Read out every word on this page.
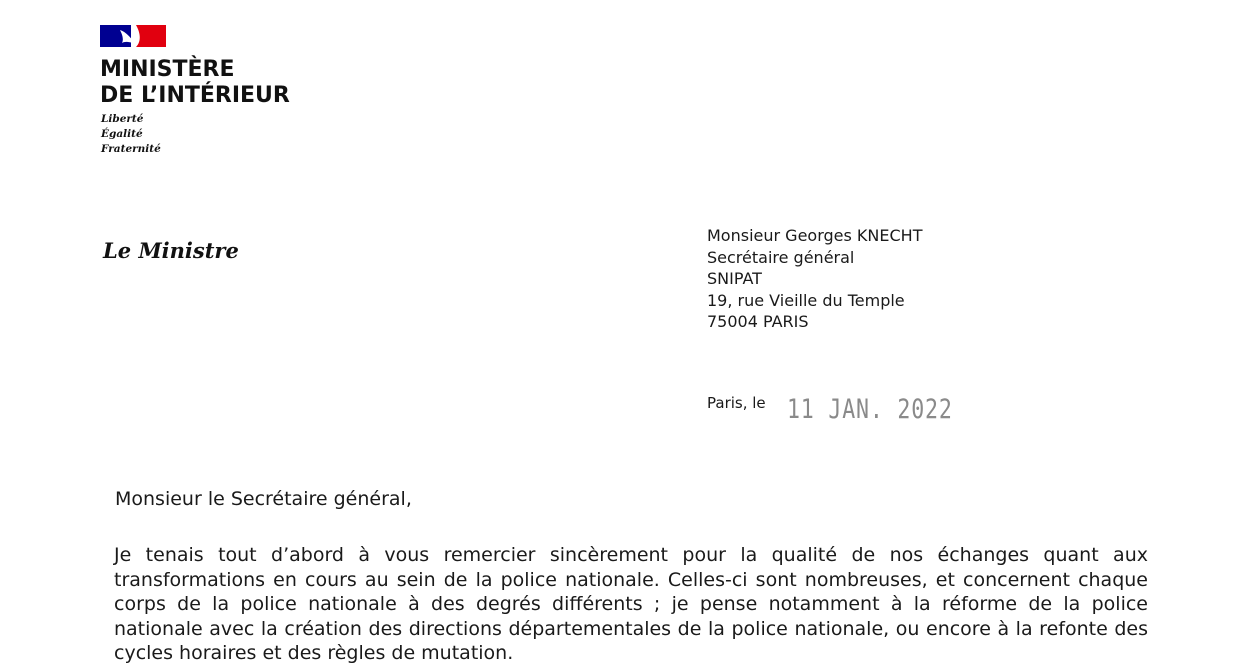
MINISTÈRE
DE L’INTÉRIEUR
Liberté
Égalité
Fraternité
Le Ministre
Monsieur Georges KNECHT
Secrétaire général
SNIPAT
19, rue Vieille du Temple
75004 PARIS
Paris, le 11 JAN. 2022
Monsieur le Secrétaire général,
Je tenais tout d’abord à vous remercier sincèrement pour la qualité de nos échanges quant aux transformations en cours au sein de la police nationale. Celles-ci sont nombreuses, et concernent chaque corps de la police nationale à des degrés différents ; je pense notamment à la réforme de la police nationale avec la création des directions départementales de la police nationale, ou encore à la refonte des cycles horaires et des règles de mutation.
